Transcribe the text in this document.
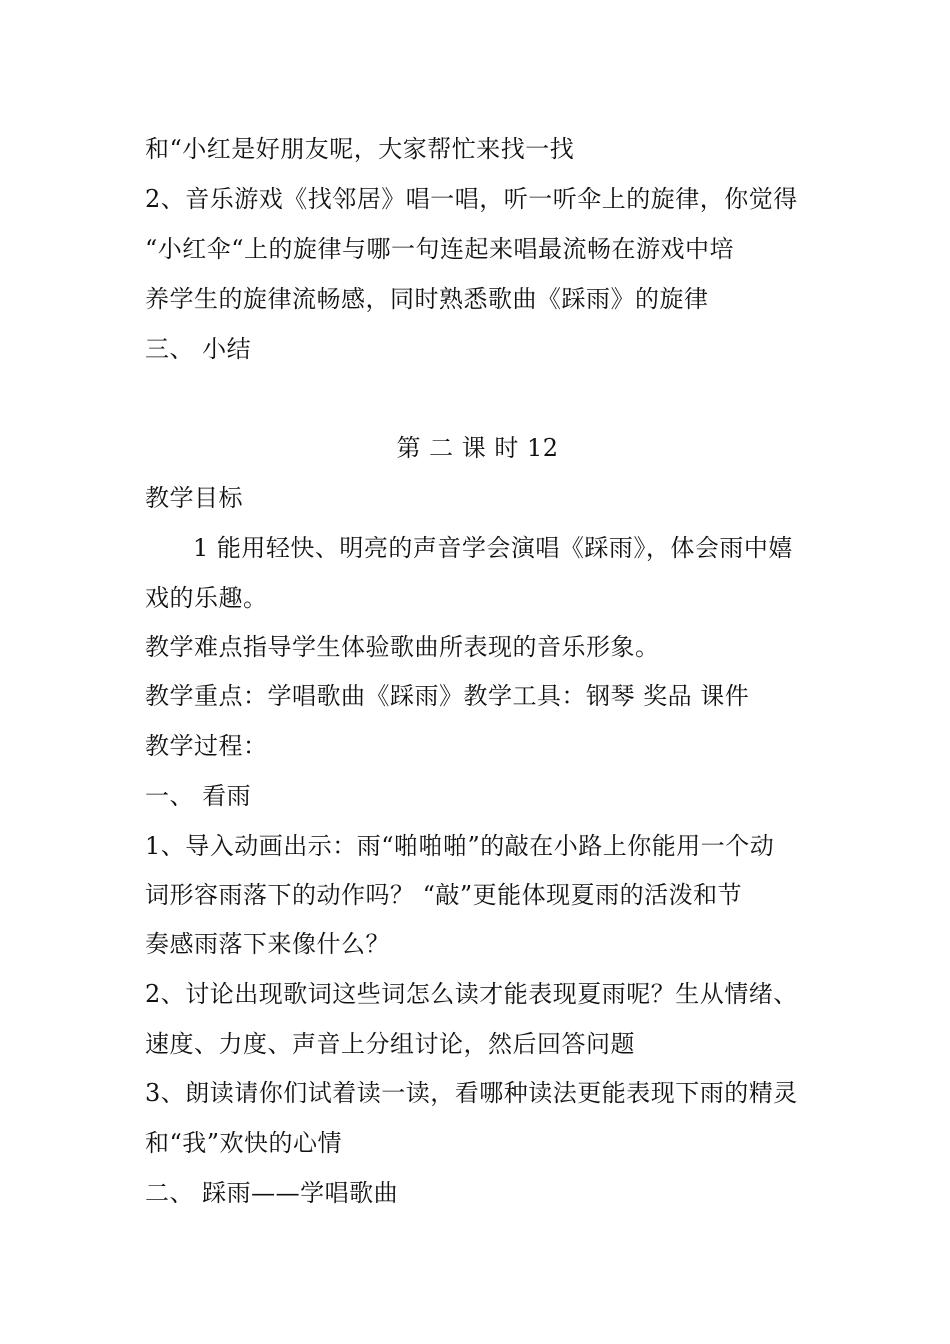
和“小红是好朋友呢，大家帮忙来找一找
2、音乐游戏《找邻居》唱一唱，听一听伞上的旋律，你觉得
“小红伞“上的旋律与哪一句连起来唱最流畅在游戏中培
养学生的旋律流畅感，同时熟悉歌曲《踩雨》的旋律
三、 小结
第 二 课 时 12
教学目标
1 能用轻快、明亮的声音学会演唱《踩雨》，体会雨中嬉
戏的乐趣。
教学难点指导学生体验歌曲所表现的音乐形象。
教学重点：学唱歌曲《踩雨》教学工具：钢琴 奖品 课件
教学过程：
一、 看雨
1、导入动画出示：雨“啪啪啪”的敲在小路上你能用一个动
词形容雨落下的动作吗？ “敲”更能体现夏雨的活泼和节
奏感雨落下来像什么？
2、讨论出现歌词这些词怎么读才能表现夏雨呢？生从情绪、
速度、力度、声音上分组讨论，然后回答问题
3、朗读请你们试着读一读，看哪种读法更能表现下雨的精灵
和“我”欢快的心情
二、 踩雨——学唱歌曲
